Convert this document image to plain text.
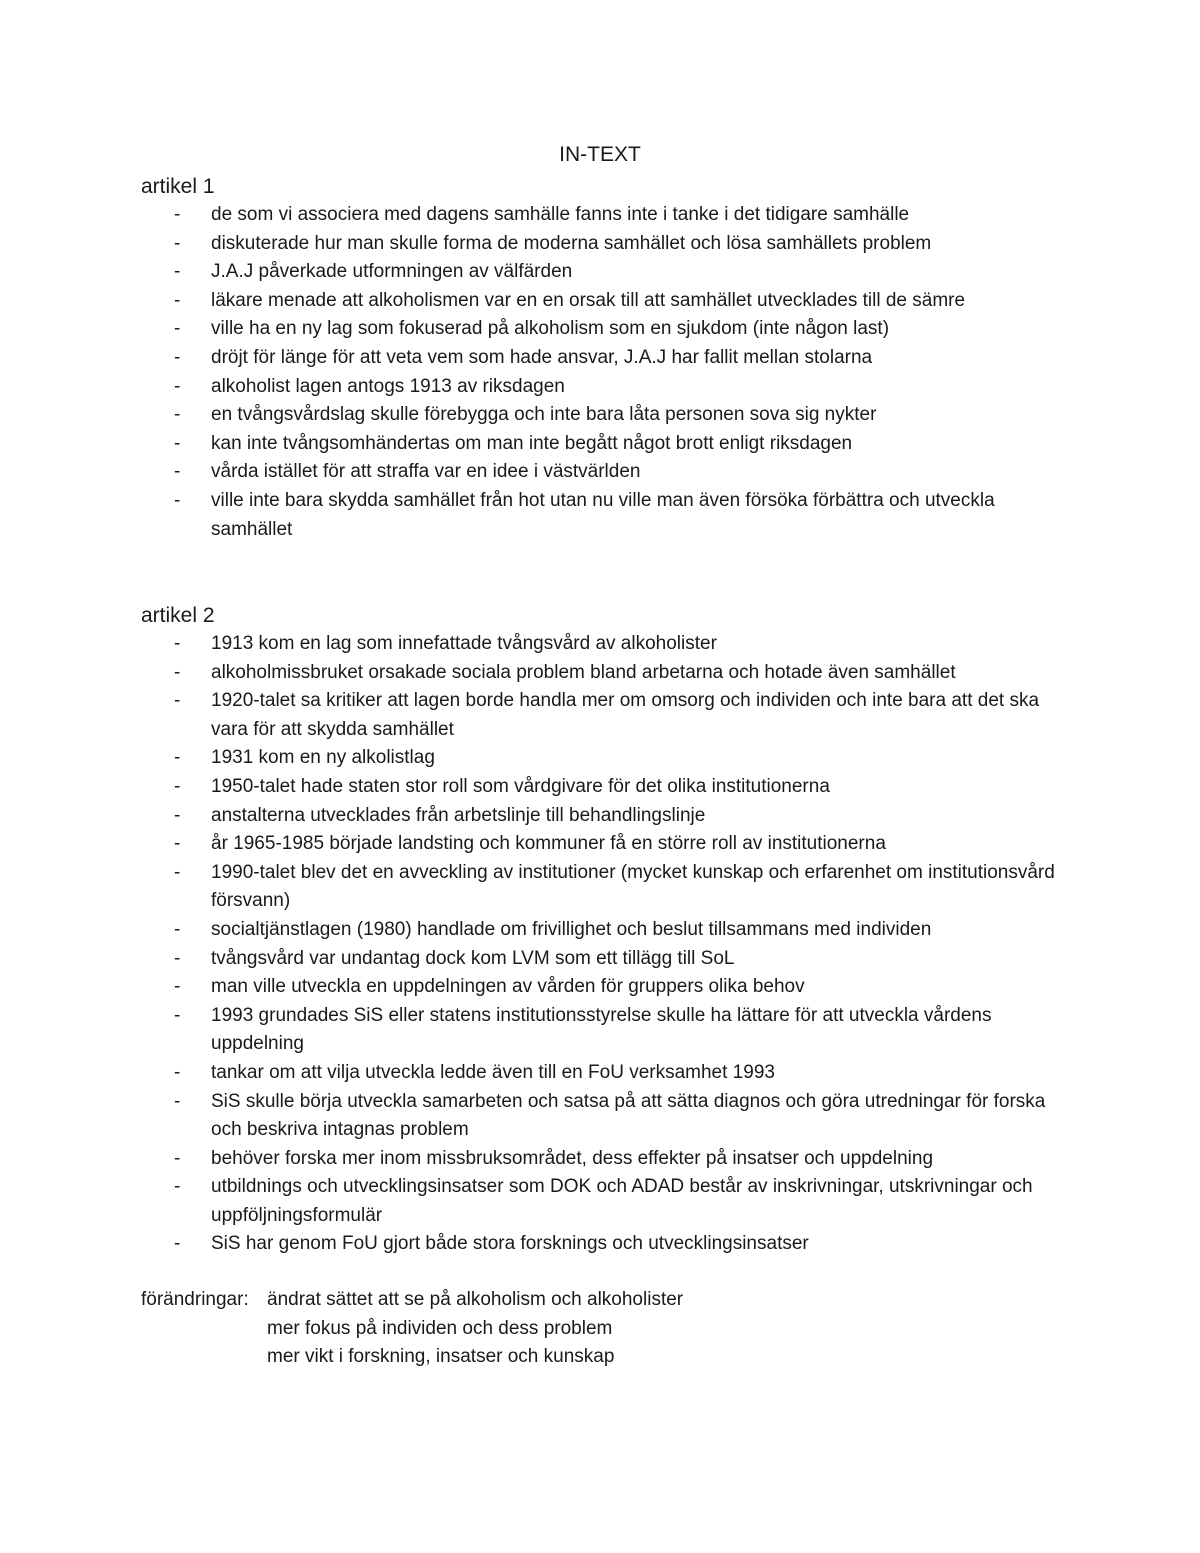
IN-TEXT
artikel 1
- de som vi associera med dagens samhälle fanns inte i tanke i det tidigare samhälle
- diskuterade hur man skulle forma de moderna samhället och lösa samhällets problem
- J.A.J påverkade utformningen av välfärden
- läkare menade att alkoholismen var en en orsak till att samhället utvecklades till de sämre
- ville ha en ny lag som fokuserad på alkoholism som en sjukdom (inte någon last)
- dröjt för länge för att veta vem som hade ansvar, J.A.J har fallit mellan stolarna
- alkoholist lagen antogs 1913 av riksdagen
- en tvångsvårdslag skulle förebygga och inte bara låta personen sova sig nykter
- kan inte tvångsomhändertas om man inte begått något brott enligt riksdagen
- vårda istället för att straffa var en idee i västvärlden
- ville inte bara skydda samhället från hot utan nu ville man även försöka förbättra och utveckla samhället
artikel 2
- 1913 kom en lag som innefattade tvångsvård av alkoholister
- alkoholmissbruket orsakade sociala problem bland arbetarna och hotade även samhället
- 1920-talet sa kritiker att lagen borde handla mer om omsorg och individen och inte bara att det ska vara för att skydda samhället
- 1931 kom en ny alkolistlag
- 1950-talet hade staten stor roll som vårdgivare för det olika institutionerna
- anstalterna utvecklades från arbetslinje till behandlingslinje
- år 1965-1985 började landsting och kommuner få en större roll av institutionerna
- 1990-talet blev det en avveckling av institutioner (mycket kunskap och erfarenhet om institutionsvård försvann)
- socialtjänstlagen (1980) handlade om frivillighet och beslut tillsammans med individen
- tvångsvård var undantag dock kom LVM som ett tillägg till SoL
- man ville utveckla en uppdelningen av vården för gruppers olika behov
- 1993 grundades SiS eller statens institutionsstyrelse skulle ha lättare för att utveckla vårdens uppdelning
- tankar om att vilja utveckla ledde även till en FoU verksamhet 1993
- SiS skulle börja utveckla samarbeten och satsa på att sätta diagnos och göra utredningar för forska och beskriva intagnas problem
- behöver forska mer inom missbruksområdet, dess effekter på insatser och uppdelning
- utbildnings och utvecklingsinsatser som DOK och ADAD består av inskrivningar, utskrivningar och uppföljningsformulär
- SiS har genom FoU gjort både stora forsknings och utvecklingsinsatser
förändringar: ändrat sättet att se på alkoholism och alkoholister
mer fokus på individen och dess problem
mer vikt i forskning, insatser och kunskap
